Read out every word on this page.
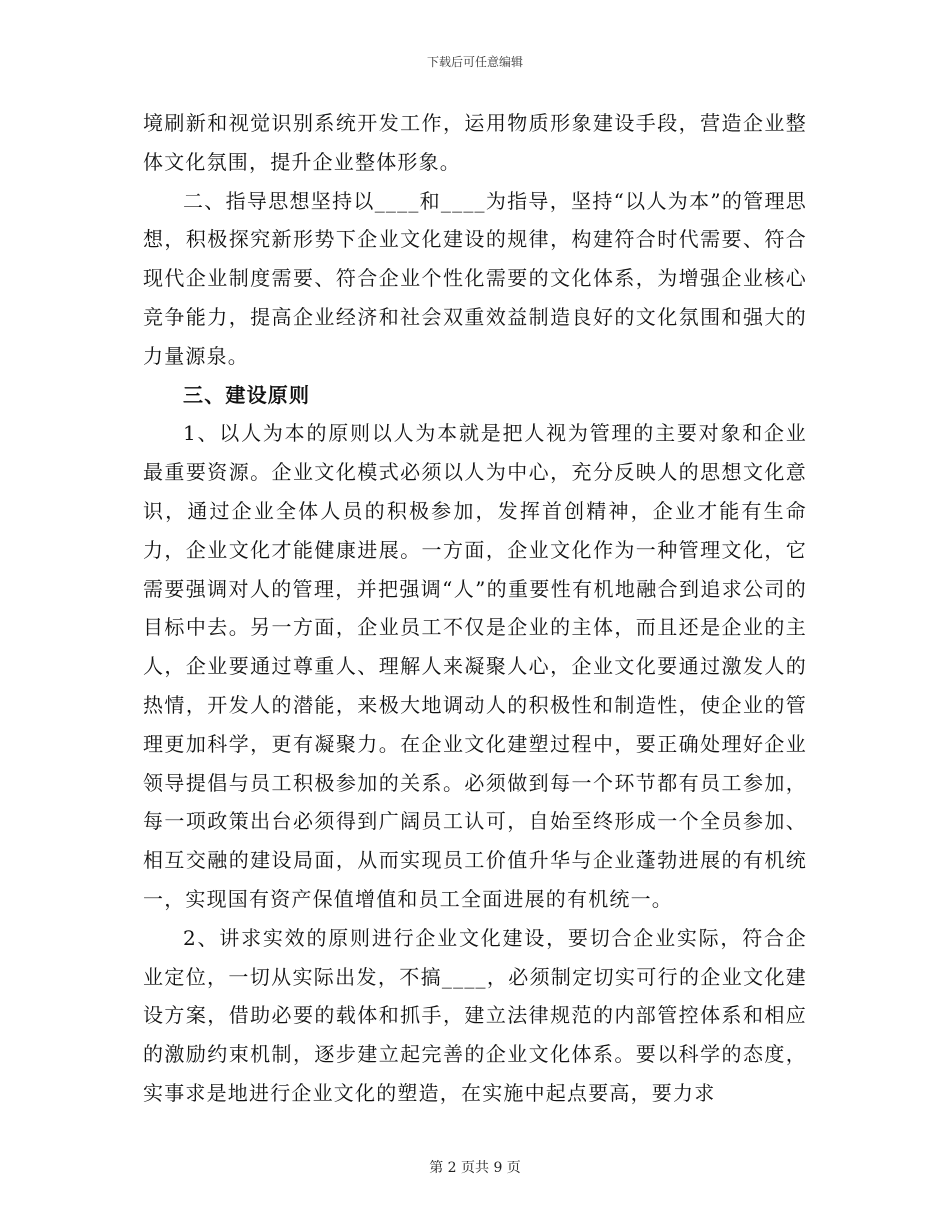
下载后可任意编辑

境刷新和视觉识别系统开发工作，运用物质形象建设手段，营造企业整体文化氛围，提升企业整体形象。

二、指导思想坚持以____和____为指导，坚持“以人为本”的管理思想，积极探究新形势下企业文化建设的规律，构建符合时代需要、符合现代企业制度需要、符合企业个性化需要的文化体系，为增强企业核心竞争能力，提高企业经济和社会双重效益制造良好的文化氛围和强大的力量源泉。

三、建设原则

1、以人为本的原则以人为本就是把人视为管理的主要对象和企业最重要资源。企业文化模式必须以人为中心，充分反映人的思想文化意识，通过企业全体人员的积极参加，发挥首创精神，企业才能有生命力，企业文化才能健康进展。一方面，企业文化作为一种管理文化，它需要强调对人的管理，并把强调“人”的重要性有机地融合到追求公司的目标中去。另一方面，企业员工不仅是企业的主体，而且还是企业的主人，企业要通过尊重人、理解人来凝聚人心，企业文化要通过激发人的热情，开发人的潜能，来极大地调动人的积极性和制造性，使企业的管理更加科学，更有凝聚力。在企业文化建塑过程中，要正确处理好企业领导提倡与员工积极参加的关系。必须做到每一个环节都有员工参加，每一项政策出台必须得到广阔员工认可，自始至终形成一个全员参加、相互交融的建设局面，从而实现员工价值升华与企业蓬勃进展的有机统一，实现国有资产保值增值和员工全面进展的有机统一。

2、讲求实效的原则进行企业文化建设，要切合企业实际，符合企业定位，一切从实际出发，不搞____，必须制定切实可行的企业文化建设方案，借助必要的载体和抓手，建立法律规范的内部管控体系和相应的激励约束机制，逐步建立起完善的企业文化体系。要以科学的态度，实事求是地进行企业文化的塑造，在实施中起点要高，要力求

第 2 页共 9 页
